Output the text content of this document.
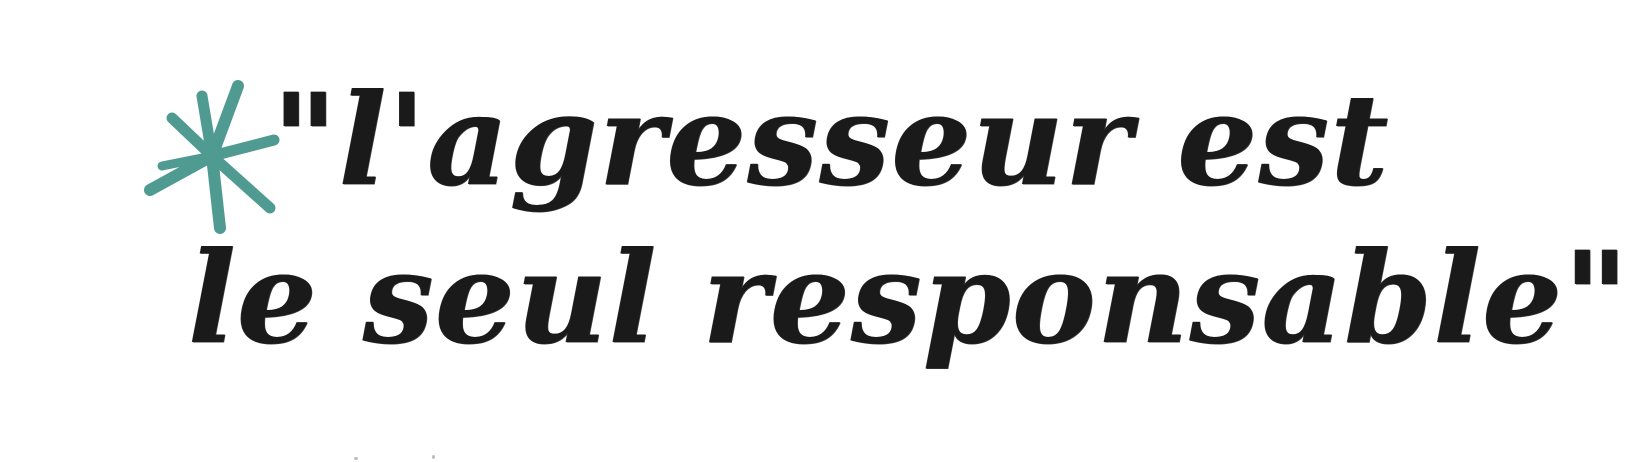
"l'agresseur est
le seul responsable"
